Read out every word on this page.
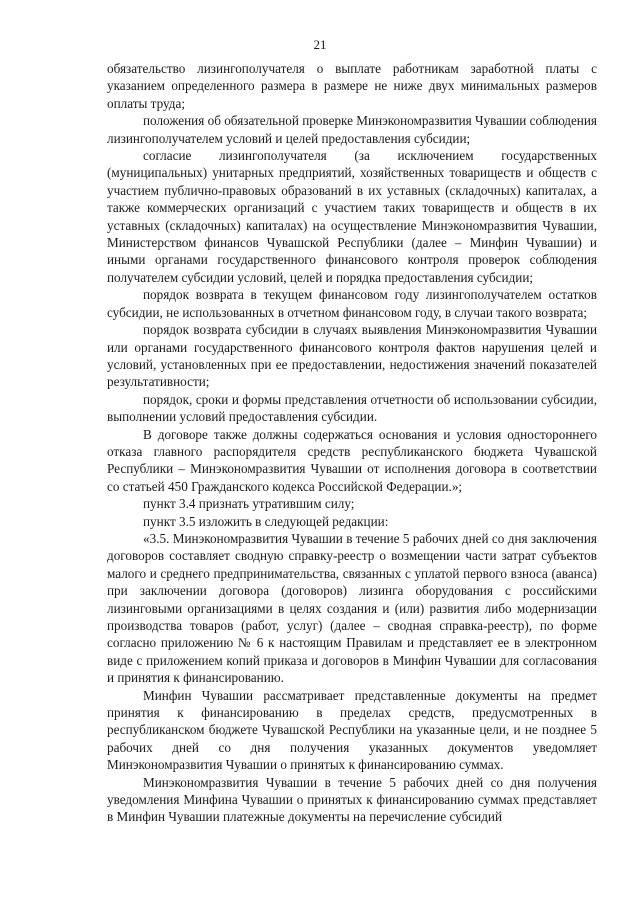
21

обязательство лизингополучателя о выплате работникам заработной платы с указанием определенного размера в размере не ниже двух минимальных размеров оплаты труда;

положения об обязательной проверке Минэкономразвития Чувашии соблюдения лизингополучателем условий и целей предоставления субсидии;

согласие лизингополучателя (за исключением государственных (муниципальных) унитарных предприятий, хозяйственных товариществ и обществ с участием публично-правовых образований в их уставных (складочных) капиталах, а также коммерческих организаций с участием таких товариществ и обществ в их уставных (складочных) капиталах) на осуществление Минэкономразвития Чувашии, Министерством финансов Чувашской Республики (далее – Минфин Чувашии) и иными органами государственного финансового контроля проверок соблюдения получателем субсидии условий, целей и порядка предоставления субсидии;

порядок возврата в текущем финансовом году лизингополучателем остатков субсидии, не использованных в отчетном финансовом году, в случаи такого возврата;

порядок возврата субсидии в случаях выявления Минэкономразвития Чувашии или органами государственного финансового контроля фактов нарушения целей и условий, установленных при ее предоставлении, недостижения значений показателей результативности;

порядок, сроки и формы представления отчетности об использовании субсидии, выполнении условий предоставления субсидии.

В договоре также должны содержаться основания и условия одностороннего отказа главного распорядителя средств республиканского бюджета Чувашской Республики – Минэкономразвития Чувашии от исполнения договора в соответствии со статьей 450 Гражданского кодекса Российской Федерации.»;

пункт 3.4 признать утратившим силу;

пункт 3.5 изложить в следующей редакции:

«3.5. Минэкономразвития Чувашии в течение 5 рабочих дней со дня заключения договоров составляет сводную справку-реестр о возмещении части затрат субъектов малого и среднего предпринимательства, связанных с уплатой первого взноса (аванса) при заключении договора (договоров) лизинга оборудования с российскими лизинговыми организациями в целях создания и (или) развития либо модернизации производства товаров (работ, услуг) (далее – сводная справка-реестр), по форме согласно приложению № 6 к настоящим Правилам и представляет ее в электронном виде с приложением копий приказа и договоров в Минфин Чувашии для согласования и принятия к финансированию.

Минфин Чувашии рассматривает представленные документы на предмет принятия к финансированию в пределах средств, предусмотренных в республиканском бюджете Чувашской Республики на указанные цели, и не позднее 5 рабочих дней со дня получения указанных документов уведомляет Минэкономразвития Чувашии о принятых к финансированию суммах.

Минэкономразвития Чувашии в течение 5 рабочих дней со дня получения уведомления Минфина Чувашии о принятых к финансированию суммах представляет в Минфин Чувашии платежные документы на перечисление субсидий
